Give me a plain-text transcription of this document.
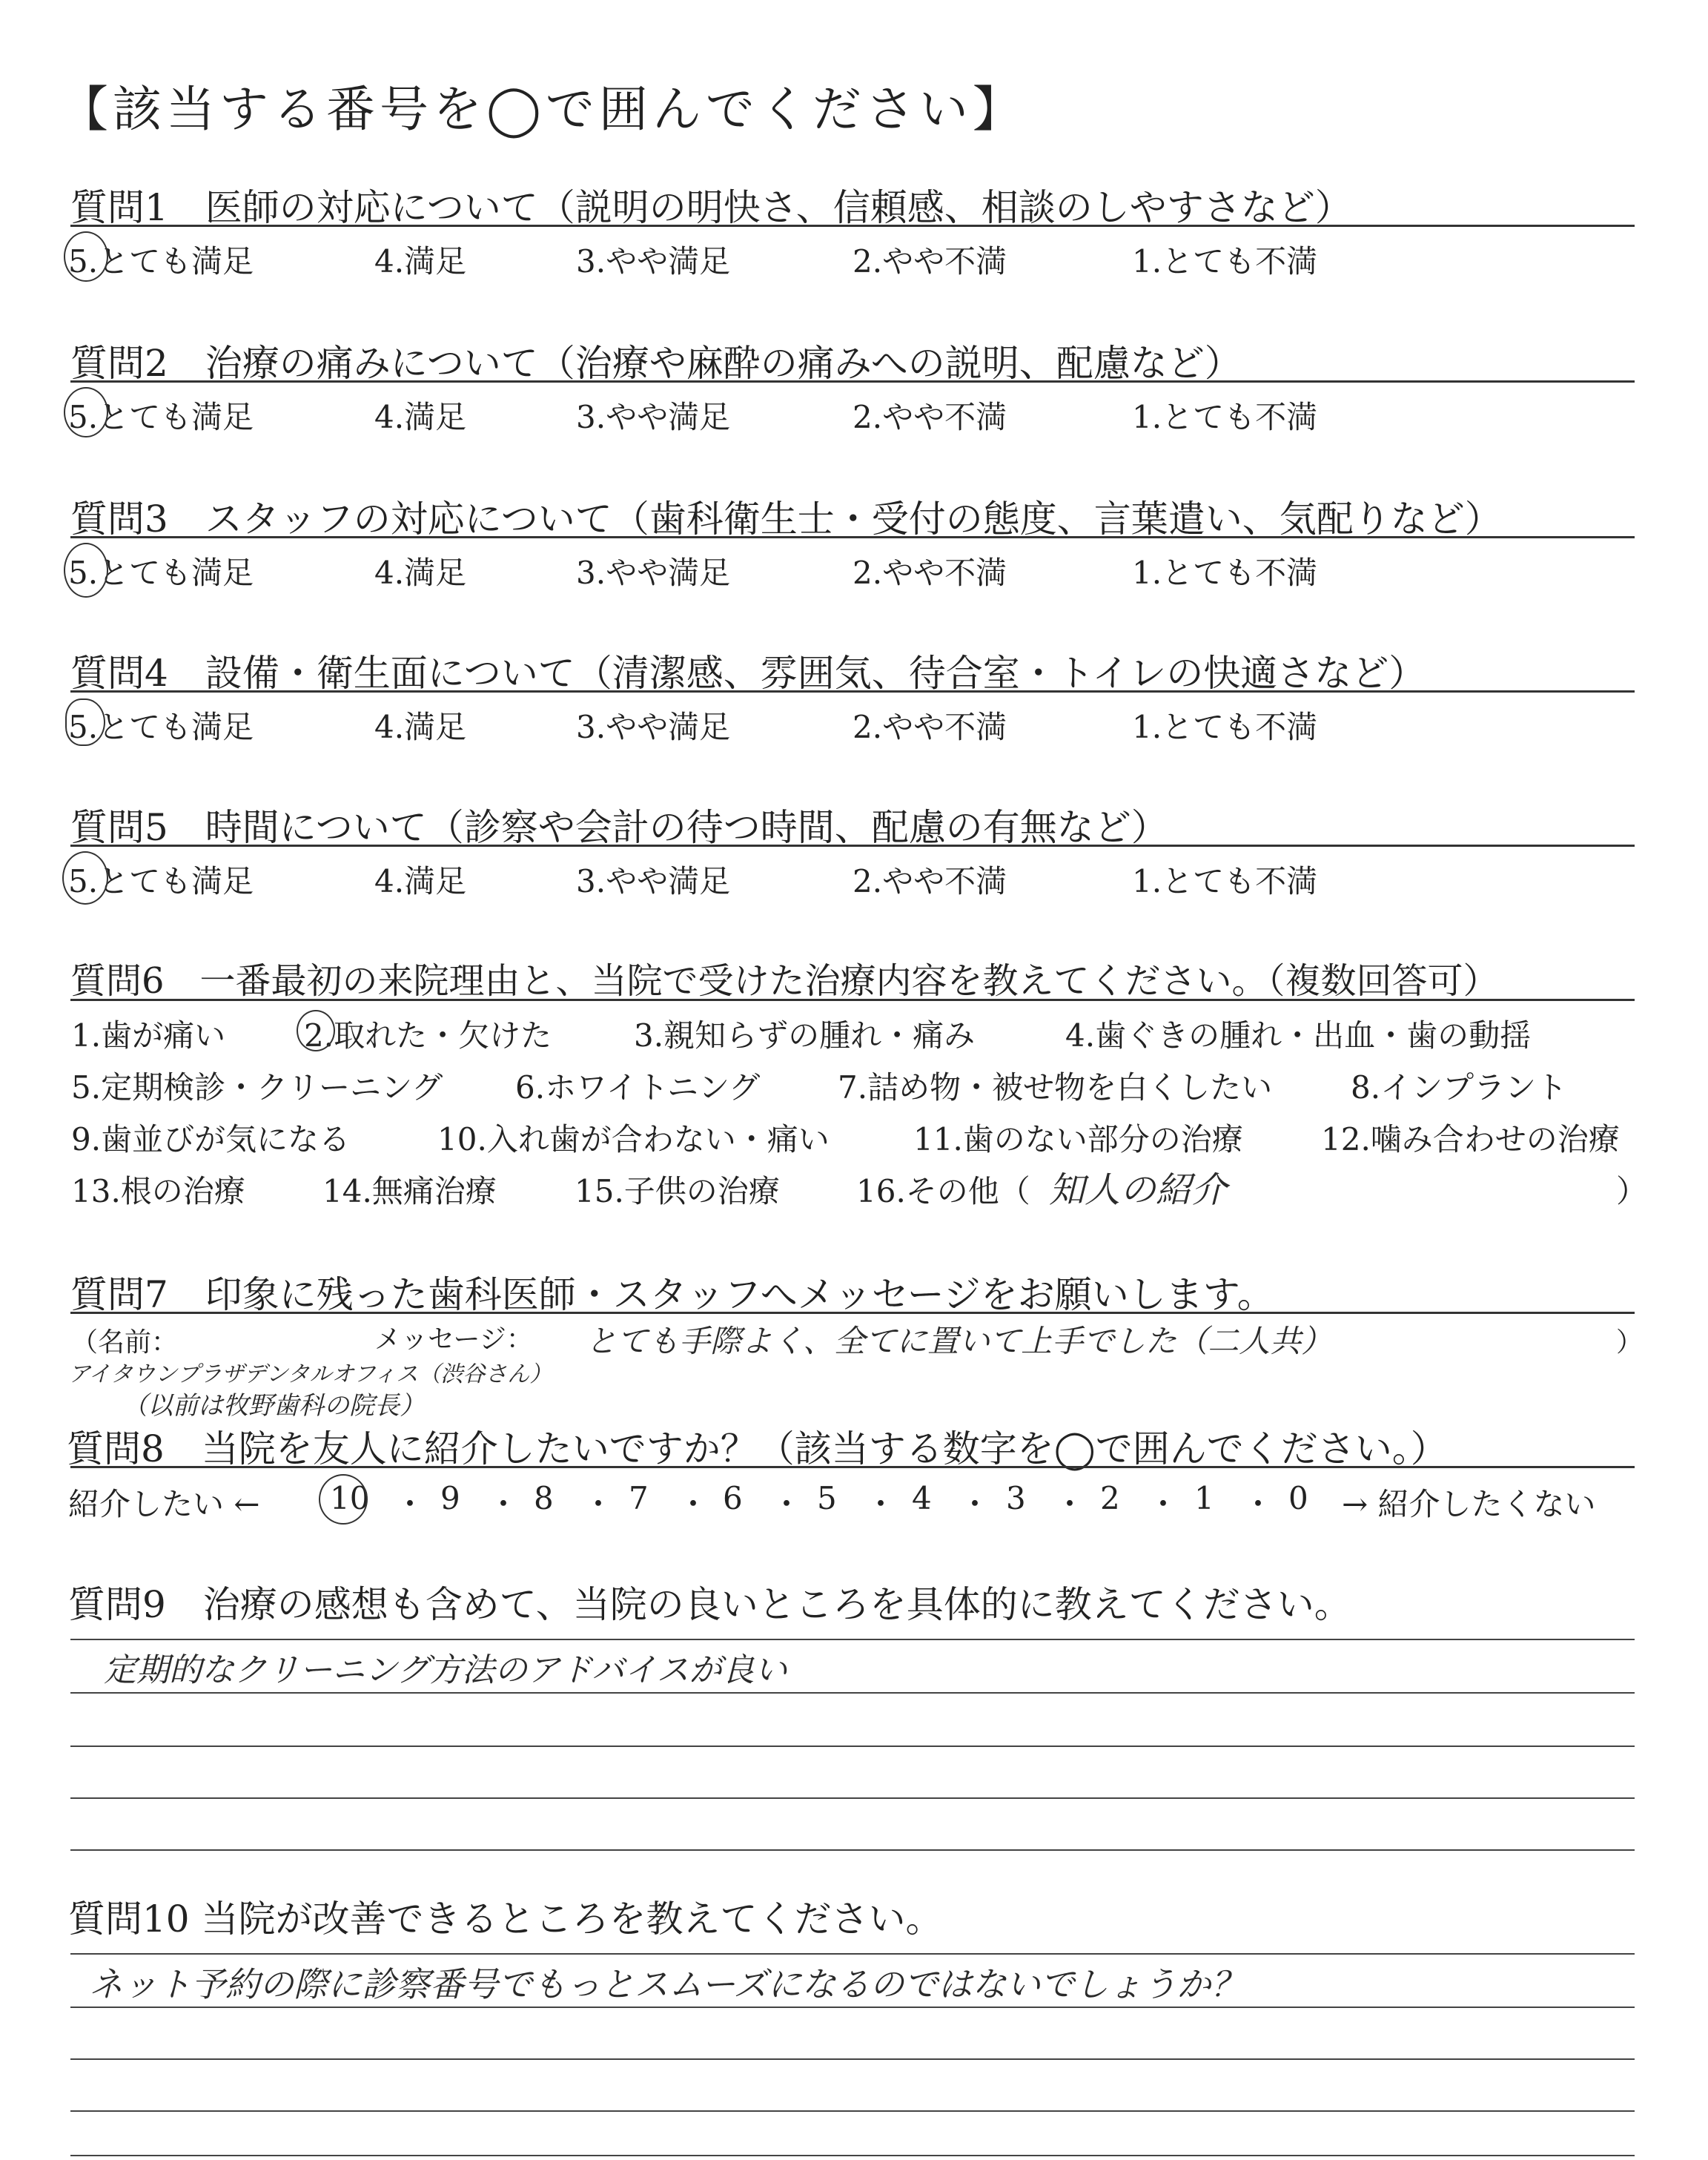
【該当する番号を◯で囲んでください】
質問1　医師の対応について（説明の明快さ、信頼感、相談のしやすさなど）
5.とても満足	4.満足	3.やや満足	2.やや不満	1.とても不満
質問2　治療の痛みについて（治療や麻酔の痛みへの説明、配慮など）
5.とても満足	4.満足	3.やや満足	2.やや不満	1.とても不満
質問3　スタッフの対応について（歯科衛生士・受付の態度、言葉遣い、気配りなど）
5.とても満足	4.満足	3.やや満足	2.やや不満	1.とても不満
質問4　設備・衛生面について（清潔感、雰囲気、待合室・トイレの快適さなど）
5.とても満足	4.満足	3.やや満足	2.やや不満	1.とても不満
質問5　時間について（診察や会計の待つ時間、配慮の有無など）
5.とても満足	4.満足	3.やや満足	2.やや不満	1.とても不満
質問6　一番最初の来院理由と、当院で受けた治療内容を教えてください。（複数回答可）
1.歯が痛い	2.取れた・欠けた	3.親知らずの腫れ・痛み	4.歯ぐきの腫れ・出血・歯の動揺
5.定期検診・クリーニング 6.ホワイトニング 7.詰め物・被せ物を白くしたい	8.インプラント
9.歯並びが気になる	10.入れ歯が合わない・痛い	11.歯のない部分の治療	12.噛み合わせの治療
13.根の治療 14.無痛治療	15.子供の治療 16.その他（ 知人の紹介	）
質問7　印象に残った歯科医師・スタッフへメッセージをお願いします。
（名前：	メッセージ： とても手際よく、全てに置いて上手でした（二人共）	）
アイタウンプラザデンタルオフィス（渋谷さん）
（以前は牧野歯科の院長）
質問8　当院を友人に紹介したいですか？（該当する数字を◯で囲んでください。）
紹介したい ← 10 ・ 9 ・ 8 ・ 7 ・ 6 ・ 5 ・ 4 ・ 3 ・ 2 ・ 1 ・ 0 → 紹介したくない
質問9　治療の感想も含めて、当院の良いところを具体的に教えてください。
定期的なクリーニング方法のアドバイスが良い
質問10 当院が改善できるところを教えてください。
ネット予約の際に診察番号でもっとスムーズになるのではないでしょうか？
